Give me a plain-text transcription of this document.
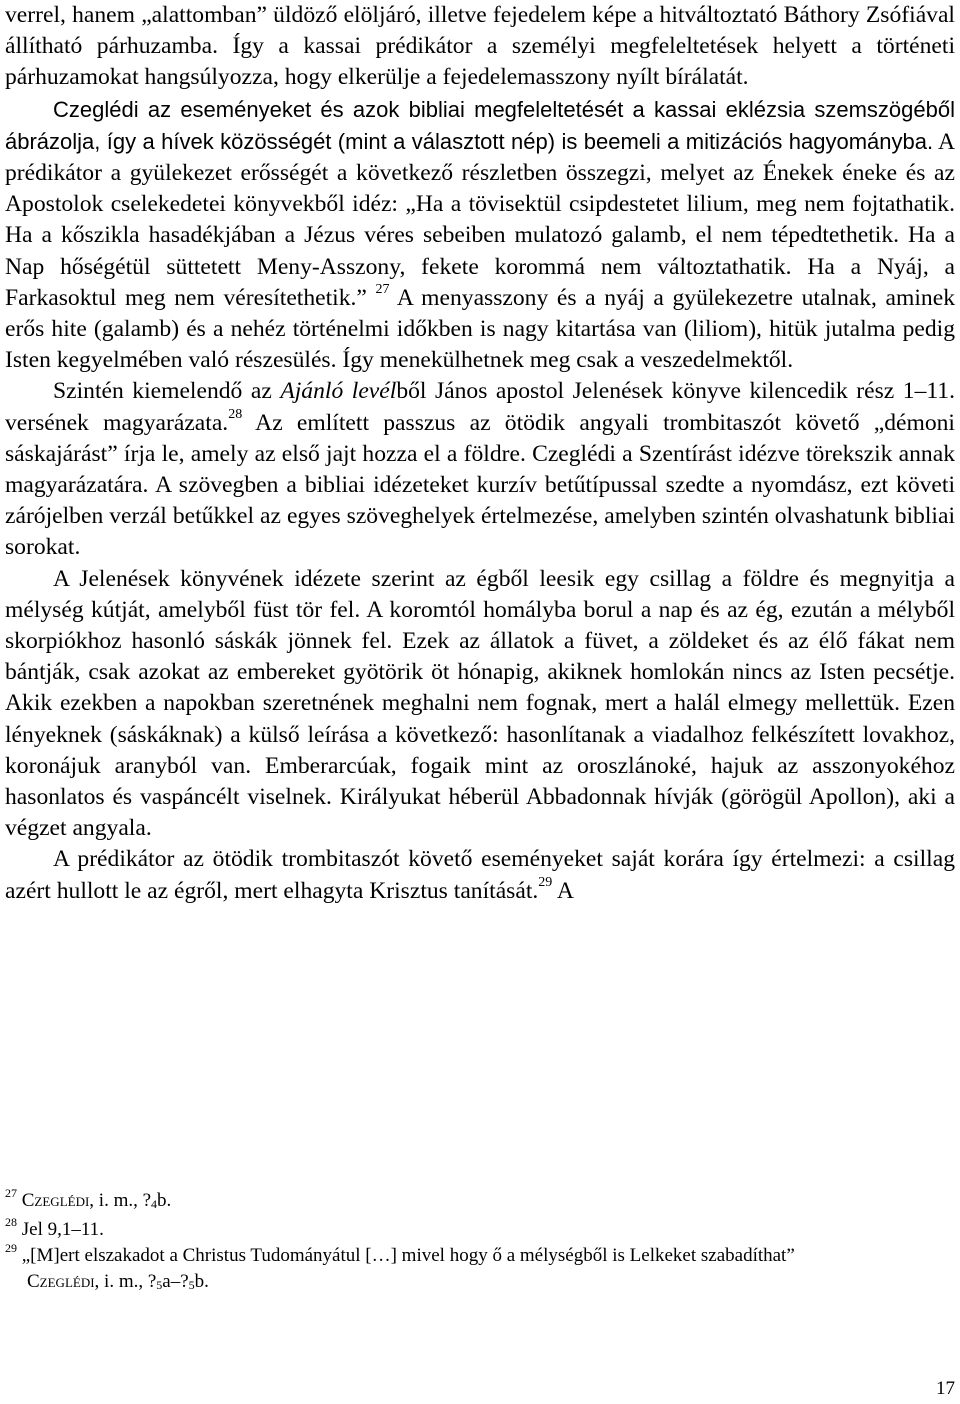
verrel, hanem „alattomban” üldöző elöljáró, illetve fejedelem képe a hitváltoztató Báthory Zsófiával állítható párhuzamba. Így a kassai prédikátor a személyi megfeleltetések helyett a történeti párhuzamokat hangsúlyozza, hogy elkerülje a fejedelemasszony nyílt bírálatát.

Czeglédi az eseményeket és azok bibliai megfeleltetését a kassai eklézsia szemszögéből ábrázolja, így a hívek közösségét (mint a választott nép) is beemeli a mitizációs hagyományba. A prédikátor a gyülekezet erősségét a következő részletben összegzi, melyet az Énekek éneke és az Apostolok cselekedetei könyvekből idéz: „Ha a tövisektül csipdestetet lilium, meg nem fojtathatik. Ha a kőszikla hasadékjában a Jézus véres sebeiben mulatozó galamb, el nem tépedtethetik. Ha a Nap hőségétül süttetett Meny-Asszony, fekete korommá nem változtathatik. Ha a Nyáj, a Farkasoktul meg nem véresítethetik.” $^{27}$ A menyasszony és a nyáj a gyülekezetre utalnak, aminek erős hite (galamb) és a nehéz történelmi időkben is nagy kitartása van (liliom), hitük jutalma pedig Isten kegyelmében való részesülés. Így menekülhetnek meg csak a veszedelmektől.

Szintén kiemelendő az Ajánló levélből János apostol Jelenések könyve kilencedik rész 1–11. versének magyarázata.$^{28}$ Az említett passzus az ötödik angyali trombitaszót követő „démoni sáskajárást” írja le, amely az első jajt hozza el a földre. Czeglédi a Szentírást idézve törekszik annak magyarázatára. A szövegben a bibliai idézeteket kurzív betűtípussal szedte a nyomdász, ezt követi zárójelben verzál betűkkel az egyes szöveghelyek értelmezése, amelyben szintén olvashatunk bibliai sorokat.

A Jelenések könyvének idézete szerint az égből leesik egy csillag a földre és megnyitja a mélység kútját, amelyből füst tör fel. A koromtól homályba borul a nap és az ég, ezután a mélyből skorpiókhoz hasonló sáskák jönnek fel. Ezek az állatok a füvet, a zöldeket és az élő fákat nem bántják, csak azokat az embereket gyötörik öt hónapig, akiknek homlokán nincs az Isten pecsétje. Akik ezekben a napokban szeretnének meghalni nem fognak, mert a halál elmegy mellettük. Ezen lényeknek (sáskáknak) a külső leírása a következő: hasonlítanak a viadalhoz felkészített lovakhoz, koronájuk aranyból van. Emberarcúak, fogaik mint az oroszlánoké, hajuk az asszonyokéhoz hasonlatos és vaspáncélt viselnek. Királyukat héberül Abbadonnak hívják (görögül Apollon), aki a végzet angyala.

A prédikátor az ötödik trombitaszót követő eseményeket saját korára így értelmezi: a csillag azért hullott le az égről, mert elhagyta Krisztus tanítását.$^{29}$ A

$^{27}$ Czeglédi, i. m., ?4b.

$^{28}$ Jel 9,1–11.

$^{29}$ „[M]ert elszakadot a Christus Tudományátul […] mivel hogy ő a mélységből is Lelkeket szabadíthat”

Czeglédi, i. m., ?5a–?5b.

17
